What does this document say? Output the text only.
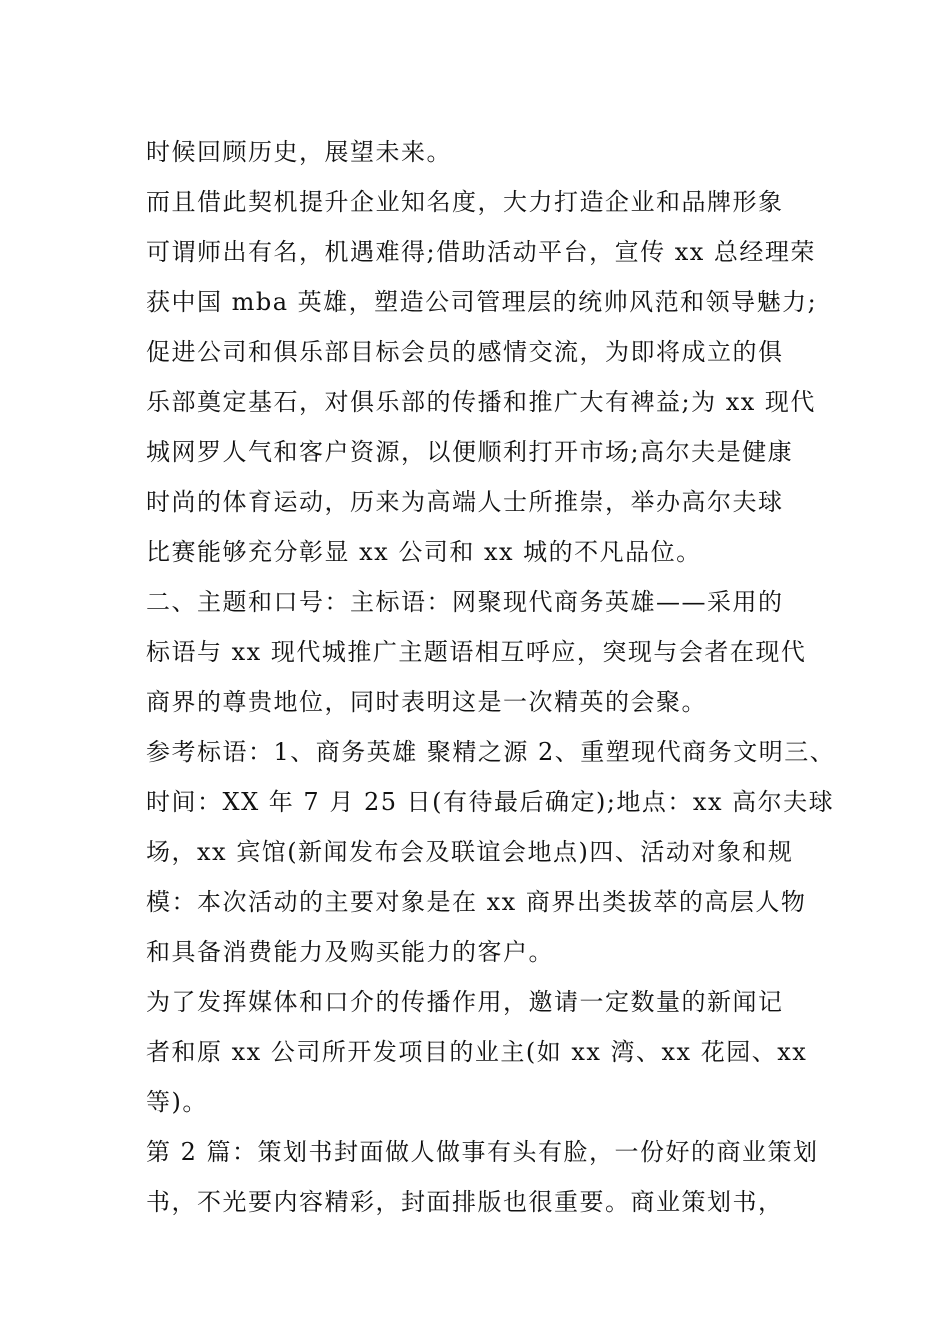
时候回顾历史，展望未来。
而且借此契机提升企业知名度，大力打造企业和品牌形象
可谓师出有名，机遇难得;借助活动平台，宣传 xx 总经理荣
获中国 mba 英雄，塑造公司管理层的统帅风范和领导魅力;
促进公司和俱乐部目标会员的感情交流，为即将成立的俱
乐部奠定基石，对俱乐部的传播和推广大有裨益;为 xx 现代
城网罗人气和客户资源，以便顺利打开市场;高尔夫是健康
时尚的体育运动，历来为高端人士所推崇，举办高尔夫球
比赛能够充分彰显 xx 公司和 xx 城的不凡品位。
二、主题和口号：主标语：网聚现代商务英雄——采用的
标语与 xx 现代城推广主题语相互呼应，突现与会者在现代
商界的尊贵地位，同时表明这是一次精英的会聚。
参考标语：1、商务英雄 聚精之源 2、重塑现代商务文明三、
时间：XX 年 7 月 25 日(有待最后确定);地点：xx 高尔夫球
场，xx 宾馆(新闻发布会及联谊会地点)四、活动对象和规
模：本次活动的主要对象是在 xx 商界出类拔萃的高层人物
和具备消费能力及购买能力的客户。
为了发挥媒体和口介的传播作用，邀请一定数量的新闻记
者和原 xx 公司所开发项目的业主(如 xx 湾、xx 花园、xx
等)。
第 2 篇：策划书封面做人做事有头有脸，一份好的商业策划
书，不光要内容精彩，封面排版也很重要。商业策划书，
